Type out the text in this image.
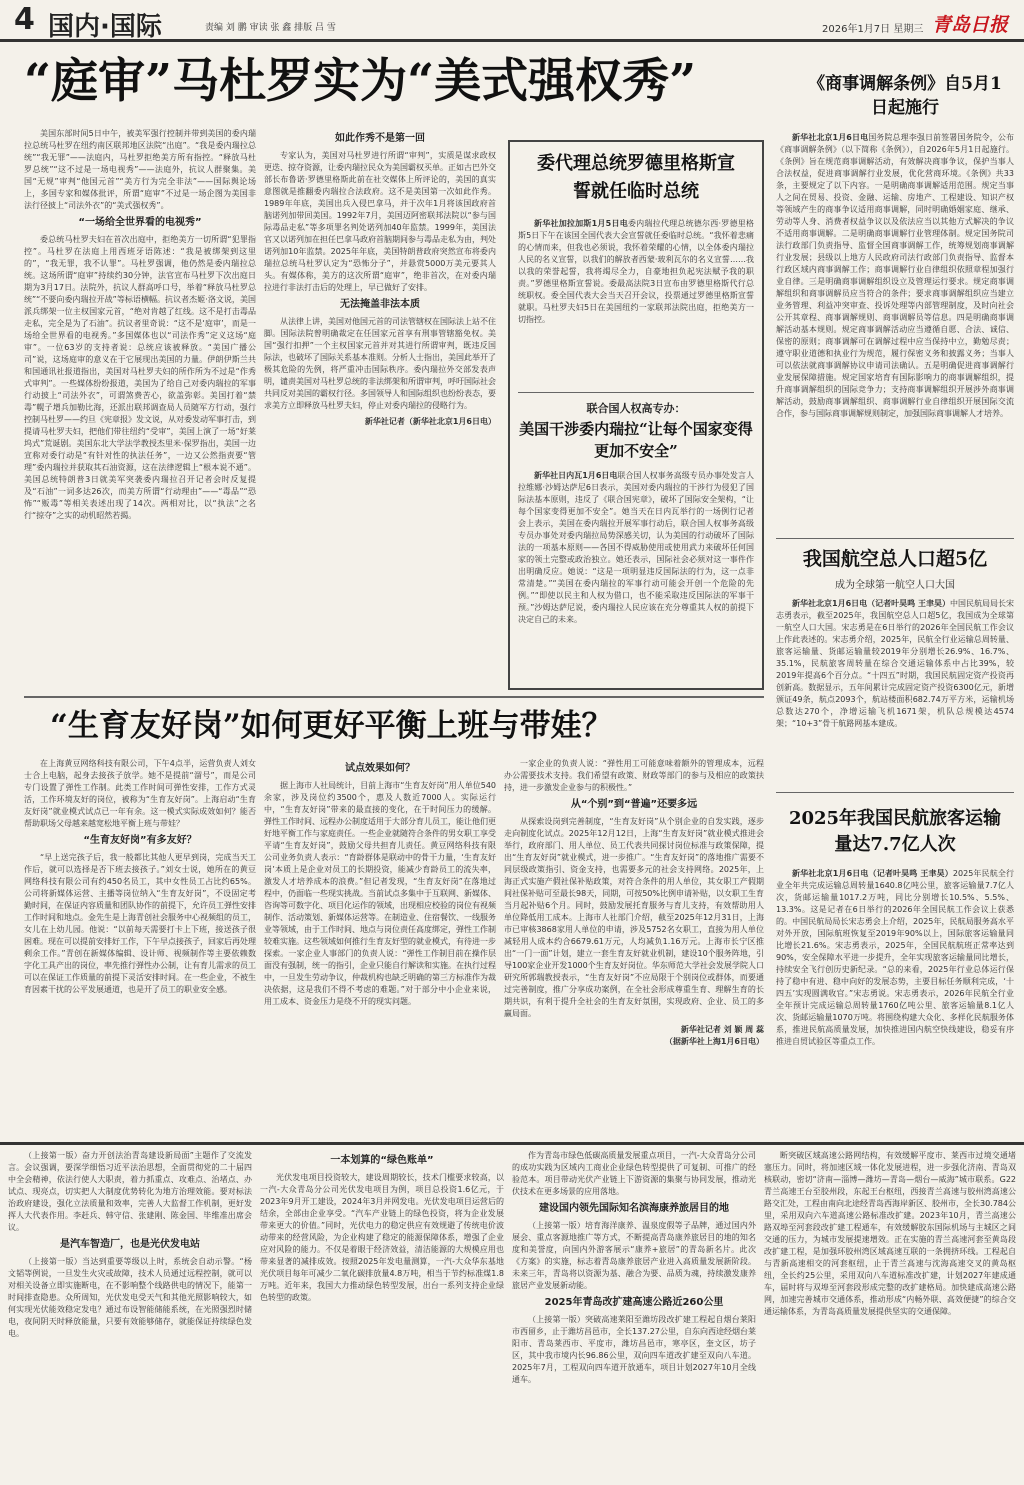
4 国内·国际	责编 刘 鹏 审读 张 鑫 排版 吕 雪	2026年1月7日 星期三 青岛日报
“庭审”马杜罗实为“美式强权秀”

美国东部时间5日中午，被美军强行控制并带到美国的委内瑞拉总统马杜罗在纽约南区联邦地区法院“出庭”。“我是委内瑞拉总统”“我无罪”——法庭内，马杜罗拒绝美方所有指控。“释放马杜罗总统”“这不过是一场电视秀”——法庭外，抗议人群聚集。美国“无规”审判“他国元首”“美方行为完全非法”——国际舆论场上，多国专家和媒体批评，所谓“庭审”不过是一场企图为美国非法行径披上“司法外衣”的“美式强权秀”。

“一场给全世界看的电视秀”

委总统马杜罗夫妇在首次出庭中，拒绝美方一切所谓“犯罪指控”。马杜罗在法庭上用西班牙语陈述：“我是被绑架到这里的”，“我无罪，我不认罪”。马杜罗强调，他仍然是委内瑞拉总统。这场所谓“庭审”持续约30分钟，法官宣布马杜罗下次出庭日期为3月17日。法院外，抗议人群高呼口号，举着“释放马杜罗总统”“不要向委内瑞拉开战”等标语横幅。抗议者杰姬·洛文说，美国派兵绑架一位主权国家元首，“绝对肯越了红线。这不是打击毒品走私，完全是为了石油”。抗议者里奇说：“这不是‘庭审’，而是一场给全世界看的电视秀。”多国媒体也以“司法作秀”定义这场“庭审”。一位63岁的支持者说：总统应该被释放。“美国广播公司”说，这场庭审的意义在于它展现出美国的力量。伊朗伊斯兰共和国通讯社报道指出，美国对马杜罗夫妇的所作所为不过是“作秀式审判”。一些媒体纷纷报道，美国为了给自己对委内瑞拉的军事行动披上“司法外衣”，可谓煞费苦心，欲盖弥彰。美国打着“禁毒”幌子增兵加勒比海，还派出联邦调查局人员随军方行动，强行控制马杜罗——约旦《宪章报》发文说，从对委发动军事打击，到提请马杜罗夫妇，把他们带往纽约“受审”，美国上演了一场“好莱坞式”荒诞剧。美国东北大学法学教授杰里米·保罗指出，美国一边宣称对委行动是“有针对性的执法任务”，一边又公然指责要“管理”委内瑞拉并获取其石油资源，这在法律逻辑上“根本说不通”。美国总统特朗普3日就美军突袭委内瑞拉召开记者会时反复提及“石油”一词多达26次，而美方所谓“行动理由”——“毒品”“恐怖”“贩毒”等相关表述出现了14次。两相对比，以“执法”之名行“掠夺”之实的动机昭然若揭。

如此作秀不是第一回

专家认为，美国对马杜罗进行所谓“审判”，实质是谋求政权更迭、掠夺资源，让委内瑞拉民众为美国霸权买单。正如古巴外交部长布鲁诺·罗德里格斯此前在社交媒体上所评论的，美国的真实意图就是推翻委内瑞拉合法政府。这不是美国第一次如此作秀。1989年年底，美国出兵入侵巴拿马，并于次年1月将该国政府首脑诺列加带回美国。1992年7月，美国迈阿密联邦法院以“参与国际毒品走私”等多项罪名判处诺列加40年监禁。1999年，美国法官又以诺列加在担任巴拿马政府首脑期间参与毒品走私为由，判处诺列加10年监禁。2025年年底，美国特朗普政府突然宣布将委内瑞拉总统马杜罗认定为“恐怖分子”，并悬赏5000万美元要其人头。有媒体称，美方的这次所谓“庭审”，绝非首次，在对委内瑞拉进行非法打击后的处理上，早已做好了安排。

无法掩盖非法本质

从法律上讲，美国对他国元首的司法管辖权在国际法上站不住脚。国际法院曾明确裁定在任国家元首享有刑事管辖豁免权。美国“强行扣押”一个主权国家元首并对其进行所谓审判，既违反国际法，也破坏了国际关系基本准则。分析人士指出，美国此举开了极其危险的先例，将严重冲击国际秩序。委内瑞拉外交部发表声明，谴责美国对马杜罗总统的非法绑架和所谓审判，呼吁国际社会共同反对美国的霸权行径。多国领导人和国际组织也纷纷表态，要求美方立即释放马杜罗夫妇，停止对委内瑞拉的侵略行为。

新华社记者（新华社北京1月6日电）
委代理总统罗德里格斯宣誓就任临时总统

新华社加拉加斯1月5日电委内瑞拉代理总统德尔西·罗德里格斯5日下午在该国全国代表大会宣誓就任委临时总统。“我怀着悲痛的心情而来，但我也必须说，我怀着荣耀的心情，以全体委内瑞拉人民的名义宣誓，以我们的解放者西蒙·玻利瓦尔的名义宣誓……我以我的荣誉起誓，我将竭尽全力，自豪地担负起宪法赋予我的职责。”罗德里格斯宣誓说。委最高法院3日宣布由罗德里格斯代行总统职权。委全国代表大会当天召开会议，投票通过罗德里格斯宣誓就职。马杜罗夫妇5日在美国纽约一家联邦法院出庭，拒绝美方一切指控。

联合国人权高专办：
美国干涉委内瑞拉“让每个国家变得更加不安全”

新华社日内瓦1月6日电联合国人权事务高级专员办事处发言人拉维娜·沙姆达萨尼6日表示，美国对委内瑞拉的干涉行为侵犯了国际法基本原则，违反了《联合国宪章》，破坏了国际安全架构，“让每个国家变得更加不安全”。她当天在日内瓦举行的一场例行记者会上表示，美国在委内瑞拉开展军事行动后，联合国人权事务高级专员办事处对委内瑞拉局势深感关切，认为美国的行动破坏了国际法的一项基本原则——各国不得威胁使用或使用武力来破坏任何国家的领土完整或政治独立。她还表示，国际社会必须对这一事件作出明确反应。她说：“这是一项明显违反国际法的行为，这一点非常清楚。”“美国在委内瑞拉的军事行动可能会开创一个危险的先例。”“即使以民主和人权为借口，也不能采取违反国际法的军事干预。”沙姆达萨尼说，委内瑞拉人民应该在充分尊重其人权的前提下决定自己的未来。

《商事调解条例》自5月1日起施行

新华社北京1月6日电国务院总理李强日前签署国务院令，公布《商事调解条例》（以下简称《条例》），自2026年5月1日起施行。《条例》旨在规范商事调解活动，有效解决商事争议，保护当事人合法权益，促进商事调解行业发展，优化营商环境。《条例》共33条，主要规定了以下内容。一是明确商事调解适用范围。规定当事人之间在贸易、投资、金融、运输、房地产、工程建设、知识产权等领域产生的商事争议适用商事调解，同时明确婚姻家庭、继承、劳动等人身、消费者权益争议以及依法应当以其他方式解决的争议不适用商事调解。二是明确商事调解行业管理体制。规定国务院司法行政部门负责指导、监督全国商事调解工作，统筹规划商事调解行业发展；县级以上地方人民政府司法行政部门负责指导、监督本行政区域内商事调解工作；商事调解行业自律组织依照章程加强行业自律。三是明确商事调解组织设立及管理运行要求。规定商事调解组织和商事调解员应当符合的条件；要求商事调解组织应当建立业务管理、利益冲突审查、投诉处理等内部管理制度，及时向社会公开其章程、商事调解规则、商事调解员等信息。四是明确商事调解活动基本规则。规定商事调解活动应当遵循自愿、合法、诚信、保密的原则；商事调解可在调解过程中应当保持中立，勤勉尽责；遵守职业道德和执业行为规范，履行保密义务和披露义务；当事人可以依法就商事调解协议申请司法确认。五是明确促进商事调解行业发展保障措施。规定国家培育有国际影响力的商事调解组织，提升商事调解组织的国际竞争力；支持商事调解组织开展涉外商事调解活动，鼓励商事调解组织、商事调解行业自律组织开展国际交流合作，参与国际商事调解规则制定，加强国际商事调解人才培养。

我国航空总人口超5亿
成为全球第一航空人口大国

新华社北京1月6日电（记者叶昊鸣 王聿昊）中国民航局局长宋志勇表示，截至2025年，我国航空总人口超5亿，我国成为全球第一航空人口大国。宋志勇是在6日举行的2026年全国民航工作会议上作此表述的。宋志勇介绍，2025年，民航全行业运输总周转量、旅客运输量、货邮运输量较2019年分别增长26.9%、16.7%、35.1%，民航旅客周转量在综合交通运输体系中占比39%，较2019年提高6个百分点。“十四五”时期，我国民航固定资产投资再创新高。数据显示，五年间累计完成固定资产投资6300亿元，新增颁证49条，航点2093个，航站楼面积682.74万平方米，运输机场总数达270个，净增运输飞机1671架，机队总规模达4574架；“10+3”骨干航路网基本建成。

2025年我国民航旅客运输量达7.7亿人次

新华社北京1月6日电（记者叶昊鸣 王聿昊）2025年民航全行业全年共完成运输总周转量1640.8亿吨公里，旅客运输量7.7亿人次，货邮运输量1017.2万吨，同比分别增长10.5%、5.5%、13.3%。这是记者在6日举行的2026年全国民航工作会议上获悉的。中国民航局局长宋志勇会上介绍，2025年，民航局服务高水平对外开放，国际航班恢复至2019年90%以上，国际旅客运输量同比增长21.6%。宋志勇表示，2025年，全国民航航班正常率达到90%，安全保障水平进一步提升，全年实现旅客运输量同比增长，持续安全飞行创历史新纪录。“总的来看，2025年行业总体运行保持了稳中有进、稳中向好的发展态势，主要目标任务顺利完成，‘十四五’实现圆满收官。”宋志勇说。宋志勇表示，2026年民航全行业全年预计完成运输总周转量1760亿吨公里、旅客运输量8.1亿人次、货邮运输量1070万吨。将围绕构建大众化、多样化民航服务体系，推进民航高质量发展，加快推进国内航空快线建设，稳妥有序推进自贸试验区等重点工作。

“生育友好岗”如何更好平衡上班与带娃？

在上海黄豆网络科技有限公司，下午4点半，运营负责人刘女士合上电脑，起身去接孩子放学。她不是提前“溜号”，而是公司专门设置了弹性工作制。此类工作时间可弹性安排，工作方式灵活，工作环境友好的岗位，被称为“生育友好岗”。上海启动“生育友好岗”就业模式试点已一年有余。这一模式实际成效如何？能否帮助职场父母越来越宽松地平衡上班与带娃？

“生育友好岗”有多友好？

“早上送完孩子后，我一般都比其他人更早到岗，完成当天工作后，就可以选择是否下班去接孩子。”刘女士说，她所在的黄豆网络科技有限公司有约450名员工，其中女性员工占比约65%。公司将新媒体运营、主播等岗位纳入“生育友好岗”，不设固定考勤时间，在保证内容质量和团队协作的前提下，允许员工弹性安排工作时间和地点。金先生是上海青创社会服务中心视频组的员工，女儿在上幼儿园。他说：“以前每天需要打卡上下班，接送孩子很困难。现在可以提前安排好工作，下午早点接孩子，回家后再处理剩余工作。”青创在新媒体编辑、设计师、视频制作等主要依赖数字化工具产出的岗位，率先推行弹性办公制，让有育儿需求的员工可以在保证工作质量的前提下灵活安排时间。在一些企业，不被生育因素干扰的公平发展通道，也是开了员工的职业安全感。

试点效果如何？

据上海市人社局统计，目前上海市“生育友好岗”用人单位540余家，涉及岗位约3500个，惠及人数近7000人。实际运行中，“生育友好岗”带来的最直接的变化，在于时间压力的缓解。弹性工作时间、远程办公制度适用于大部分育儿员工，能让他们更好地平衡工作与家庭责任。一些企业就随符合条件的男女职工享受平请“生育友好岗”，鼓励父母共担育儿责任。黄豆网络科技有限公司业务负责人表示：“育龄群体是联动中的骨干力量，‘生育友好岗’本质上是企业对员工的长期投资，能减少育龄员工的流失率，激发人才培养成本的浪费。”但记者发现，“生育友好岗”在落地过程中，仍面临一些现实挑战。当前试点多集中于互联网、新媒体、咨询等可数字化、项目化运作的领域，出现相应校验的岗位有视频制作、活动策划、新媒体运营等。在制造业、住宿餐饮、一线服务业等领域，由于工作时间、地点与岗位责任高度绑定，弹性工作制较难实施。这些领域如何推行生育友好型的就业模式，有待进一步探索。一家企业人事部门的负责人说：“弹性工作制目前在操作层面没有强制，统一的指引，企业只能自行解读和实施。在执行过程中，一旦发生劳动争议，仲裁机构也缺乏明确的第三方标准作为裁决依据，这是我们不得不考虑的难题。”对于部分中小企业来说，用工成本、资金压力是绕不开的现实问题。

一家企业的负责人说：“弹性用工可能意味着额外的管理成本，远程办公需要技术支持。我们希望有政策、财政等部门的参与及相应的政策扶持，进一步激发企业参与的积极性。”

从“个别”到“普遍”还要多远

从探索设岗到完善制度，“生育友好岗”从个别企业的自发实践，逐步走向制度化试点。2025年12月12日，上海“生育友好岗”就业模式推进会举行，政府部门、用人单位、员工代表共同探讨岗位标准与政策保障，提出“生育友好岗”就业模式，进一步推广。“生育友好岗”的落地推广需要不同层级政策指引、资金支持，也需要多元的社会支持网络。2025年，上海正式实施产假社保补贴政策，对符合条件的用人单位，其女职工产假期间社保补贴可至最长98天，同期，可按50%比例申请补贴，以女职工生育当月起补贴6个月。同时，鼓励发展托育服务与育儿支持，有效帮助用人单位降低用工成本。上海市人社部门介绍，截至2025年12月31日，上海市已审核3868家用人单位的申请，涉及5752名女职工，直接为用人单位减轻用人成本约合6679.61万元，人均减负1.16万元。上海市长宁区推出“一门一面”计划，建立一套生育友好就业机制，建设10个服务阵地，引导100家企业开发1000个生育友好岗位。华东师范大学社会发展学院人口研究所郭瑞教授表示，“生育友好岗”不应局限于个别岗位或群体，而要通过完善制度，推广分享成功案例，在全社会形成尊重生育、理解生育的长期共识，有利于提升全社会的生育友好氛围，实现政府、企业、员工的多赢局面。

新华社记者 刘 颖 周 蕊
（据新华社上海1月6日电）

（上接第一版）奋力开创法治青岛建设新局面”主题作了交流发言。会议强调，要深学细悟习近平法治思想，全面贯彻党的二十届四中全会精神，依法行使人大职责，着力抓重点、攻难点、治堵点、办试点、现亮点，切实把人大制度优势转化为地方治理效能。要对标法治政府建设，强化立法质量和效率，完善人大监督工作机制，更好发挥人大代表作用。李赶兵、韩守信、张建刚、陈金国、毕维准出席会议。

是汽车智造厂，也是光伏发电站

（上接第一版）当达到重要等级以上时，系统会自动示警。“杨文韬等例说，一旦发生火灾或故障，技术人员通过远程控制，就可以对相关设备立即实施断电，在不影响整个线路供电的情况下，能第一时间排查隐患。众所周知，光伏发电受天气和其他光照影响较大，如何实现光伏能效稳定发电？通过布设智能储能系统，在光照强烈时储电，夜间阴天时释放能量，只要有效能够储存，就能保证持续绿色发电。

一本划算的“绿色账单”

光伏发电项目投资较大，建设周期较长，技术门槛要求较高，以一汽-大众青岛分公司光伏发电项目为例，项目总投资1.6亿元，于2023年9月开工建设，2024年3月并网发电。光伏发电项目运营后的结余，全部由企业享受。“汽车产业链上的绿色投资，将为企业发展带来更大的价值。”同时，光伏电力的稳定供应有效规避了传统电价波动带来的经营风险，为企业构建了稳定的能源保障体系，增强了企业应对风险的能力。不仅是着眼于经济效益，清洁能源的大规模应用也带来显著的减排成效。按照2025年发电量测算，一汽-大众华东基地光伏项目每年可减少二氧化碳排放量4.8万吨，相当于节约标准煤1.8万吨。近年来，我国大力推动绿色转型发展，出台一系列支持企业绿色转型的政策。

作为青岛市绿色低碳高质量发展重点项目，一汽-大众青岛分公司的成功实践为区域内工商业企业绿色转型提供了可复制、可推广的经验范本。项目带动光伏产业链上下游资源的集聚与协同发展，推动光伏技术在更多场景的应用落地。

建设国内领先国际知名滨海康养旅居目的地

（上接第一版）培育海洋康养、温泉度假等子品牌，通过国内外展会、重点客源地推广等方式，不断提高青岛康养旅居目的地的知名度和美誉度，向国内外游客展示“康养+旅居”的青岛新名片。此次《方案》的实施，标志着青岛康养旅居产业进入高质量发展新阶段。未来三年，青岛将以资源为基、融合为要、品质为魂，持续激发康养旅居产业发展新动能。

2025年青岛改扩建高速公路近260公里

（上接第一版）突破高速莱阳至潍坊段改扩建工程起自烟台莱阳市西留乡，止于潍坊昌邑市，全长137.27公里，自东向西途经烟台莱阳市、青岛莱西市、平度市，潍坊昌邑市，寒亭区，奎文区，坊子区，其中我市境内长96.86公里，双向四车道改扩建至双向八车道。2025年7月，工程双向四车道开放通车，项目计划2027年10月全线通车。

断突破区域高速公路网结构，有效缓解平度市、莱西市过境交通堵塞压力。同时，将加速区域一体化发展进程，进一步强化济南、青岛双核联动，密切“济南—淄博—潍坊—青岛—烟台—威海”城市联系。G22青兰高速王台至胶州段，东起王台枢纽，西接青兰高速与胶州湾高速公路交汇处，工程由南向北途经青岛西海岸新区、胶州市，全长30.784公里，采用双向六车道高速公路标准改扩建。2023年10月，青兰高速公路双埠至河套段改扩建工程通车，有效缓解胶东国际机场与主城区之间交通的压力，为城市发展提速增效。正在实施的青兰高速河套至黄岛段改扩建工程，是加强环胶州湾区域高速互联的一条拥挤环线。工程起自与青新高速相交的河套枢纽，止于青兰高速与沈海高速交叉的黄岛枢纽，全长约25公里，采用双向八车道标准改扩建，计划2027年建成通车，届时将与双埠至河套段形成完整的改扩建格局。加快建成高速公路网，加速完善城市交通体系，推动形成“内畅外联、高效便捷”的综合交通运输体系，为青岛高质量发展提供坚实的交通保障。
